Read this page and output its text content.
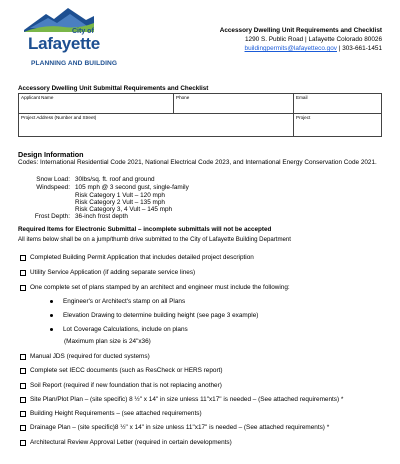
City of
Lafayette
PLANNING AND BUILDING
Accessory Dwelling Unit Requirements and Checklist
1290 S. Public Road | Lafayette Colorado 80026
buildingpermits@lafayetteco.gov | 303-661-1451
Accessory Dwelling Unit Submittal Requirements and Checklist
Applicant Name	Phone	Email
Project Address (Number and Street)		Project
Design Information
Codes: International Residential Code 2021, National Electrical Code 2023, and International Energy Conservation Code 2021.
Snow Load: 30lbs/sq. ft. roof and ground
Windspeed: 105 mph @ 3 second gust, single-family
Risk Category 1 Vult – 120 mph
Risk Category 2 Vult – 135 mph
Risk Category 3, 4 Vult – 145 mph
Frost Depth: 36-inch frost depth
Required Items for Electronic Submittal – incomplete submittals will not be accepted
All items below shall be on a jump/thumb drive submitted to the City of Lafayette Building Department
Completed Building Permit Application that includes detailed project description
Utility Service Application (if adding separate service lines)
One complete set of plans stamped by an architect and engineer must include the following:
Engineer's or Architect's stamp on all Plans
Elevation Drawing to determine building height (see page 3 example)
Lot Coverage Calculations, include on plans
(Maximum plan size is 24"x36)
Manual JDS (required for ducted systems)
Complete set IECC documents (such as ResCheck or HERS report)
Soil Report (required if new foundation that is not replacing another)
Site Plan/Plot Plan – (site specific) 8 ½" x 14" in size unless 11"x17" is needed – (See attached requirements) *
Building Height Requirements – (see attached requirements)
Drainage Plan – (site specific)8 ½" x 14" in size unless 11"x17" is needed – (See attached requirements) *
Architectural Review Approval Letter (required in certain developments)
